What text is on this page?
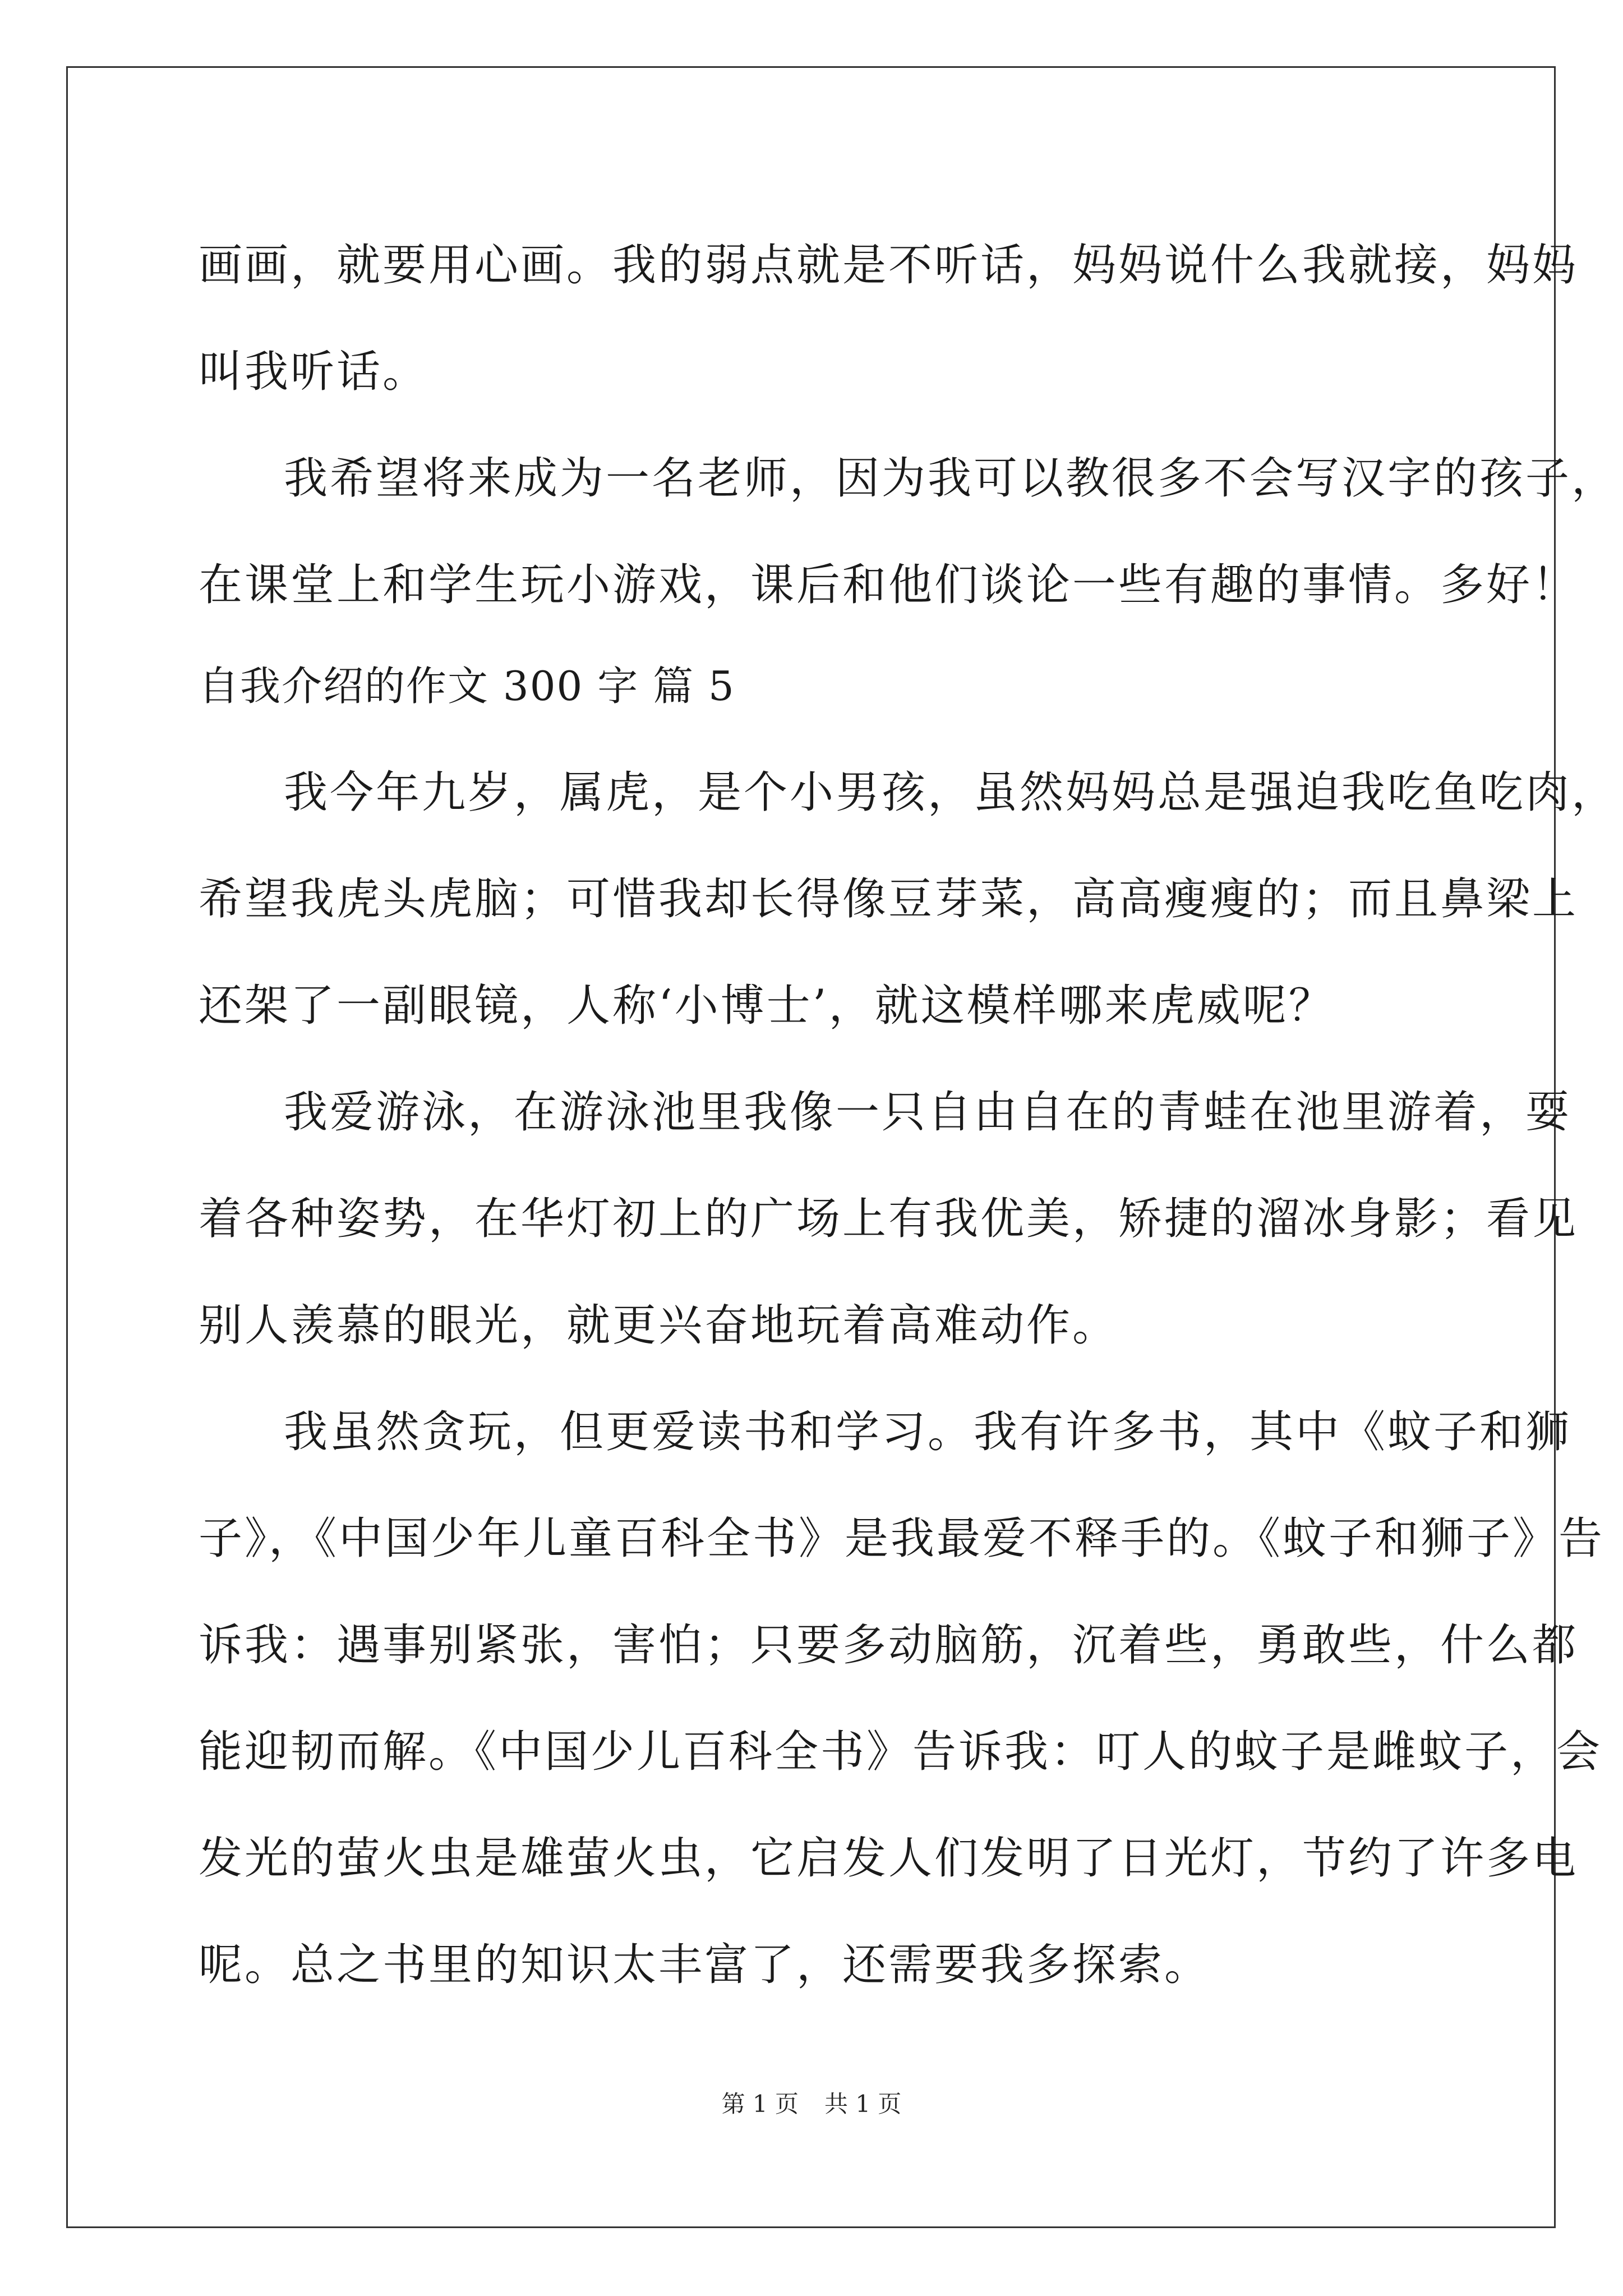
画画，就要用心画。我的弱点就是不听话，妈妈说什么我就接，妈妈
叫我听话。
我希望将来成为一名老师，因为我可以教很多不会写汉字的孩子，
在课堂上和学生玩小游戏，课后和他们谈论一些有趣的事情。多好！
自我介绍的作文 300 字 篇 5
我今年九岁，属虎，是个小男孩，虽然妈妈总是强迫我吃鱼吃肉，
希望我虎头虎脑；可惜我却长得像豆芽菜，高高瘦瘦的；而且鼻梁上
还架了一副眼镜，人称‘小博士’，就这模样哪来虎威呢？
我爱游泳，在游泳池里我像一只自由自在的青蛙在池里游着，耍
着各种姿势，在华灯初上的广场上有我优美，矫捷的溜冰身影；看见
别人羡慕的眼光，就更兴奋地玩着高难动作。
我虽然贪玩，但更爱读书和学习。我有许多书，其中《蚊子和狮
子》，《中国少年儿童百科全书》是我最爱不释手的。《蚊子和狮子》告
诉我：遇事别紧张，害怕；只要多动脑筋，沉着些，勇敢些，什么都
能迎韧而解。《中国少儿百科全书》告诉我：叮人的蚊子是雌蚊子，会
发光的萤火虫是雄萤火虫，它启发人们发明了日光灯，节约了许多电
呢。总之书里的知识太丰富了，还需要我多探索。
第 1 页 共 1 页
